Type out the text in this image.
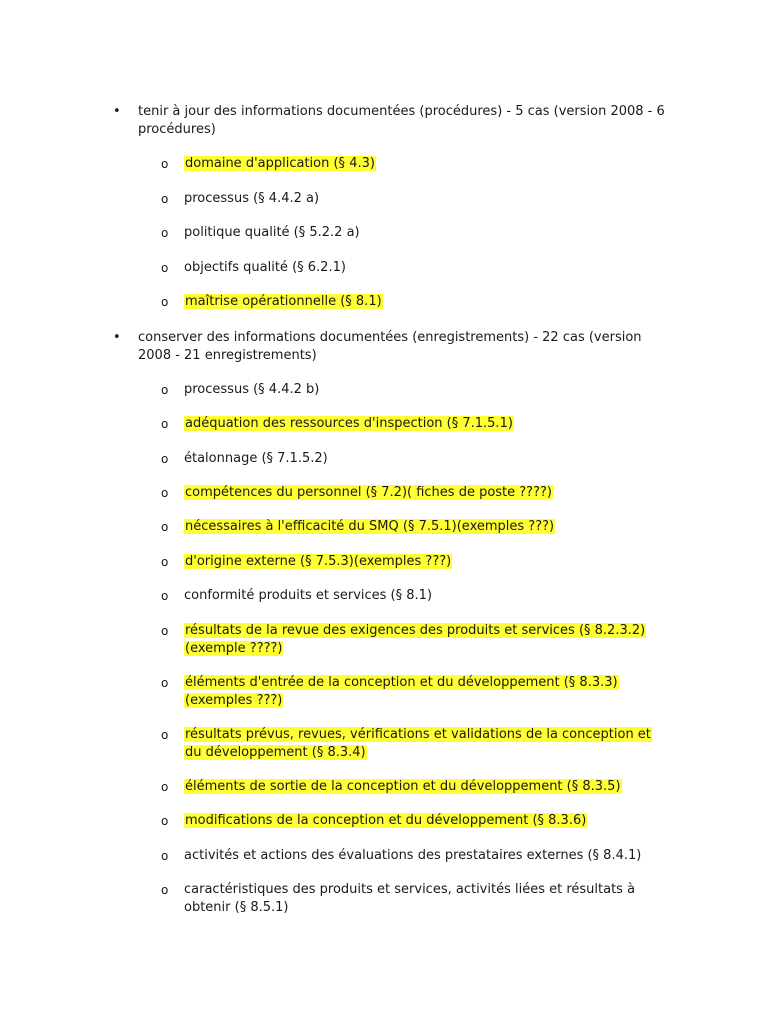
• tenir à jour des informations documentées (procédures) - 5 cas (version 2008 - 6 procédures)
o domaine d'application (§ 4.3)
o processus (§ 4.4.2 a)
o politique qualité (§ 5.2.2 a)
o objectifs qualité (§ 6.2.1)
o maîtrise opérationnelle (§ 8.1)
• conserver des informations documentées (enregistrements) - 22 cas (version 2008 - 21 enregistrements)
o processus (§ 4.4.2 b)
o adéquation des ressources d'inspection (§ 7.1.5.1)
o étalonnage (§ 7.1.5.2)
o compétences du personnel (§ 7.2)( fiches de poste ????)
o nécessaires à l'efficacité du SMQ (§ 7.5.1)(exemples ???)
o d'origine externe (§ 7.5.3)(exemples ???)
o conformité produits et services (§ 8.1)
o résultats de la revue des exigences des produits et services (§ 8.2.3.2) (exemple ????)
o éléments d'entrée de la conception et du développement (§ 8.3.3) (exemples ???)
o résultats prévus, revues, vérifications et validations de la conception et du développement (§ 8.3.4)
o éléments de sortie de la conception et du développement (§ 8.3.5)
o modifications de la conception et du développement (§ 8.3.6)
o activités et actions des évaluations des prestataires externes (§ 8.4.1)
o caractéristiques des produits et services, activités liées et résultats à obtenir (§ 8.5.1)
